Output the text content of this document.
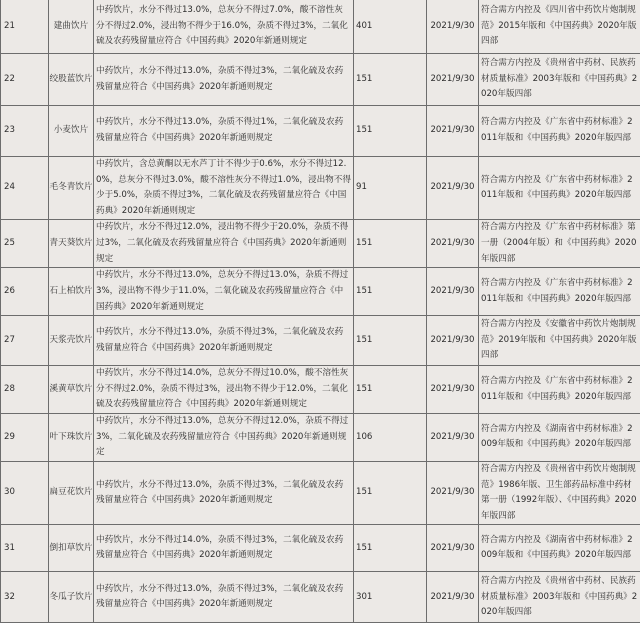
21	建曲饮片	中药饮片，水分不得过13.0%，总灰分不得过7.0%，酸不溶性灰分不得过2.0%，浸出物不得少于16.0%，杂质不得过3%，二氧化硫及农药残留量应符合《中国药典》2020年新通则规定	401	2021/9/30	符合需方内控及《四川省中药饮片炮制规范》2015年版和《中国药典》2020年版四部
22	绞股蓝饮片	中药饮片，水分不得过13.0%，杂质不得过3%，二氧化硫及农药残留量应符合《中国药典》2020年新通则规定	151	2021/9/30	符合需方内控及《贵州省中药材、民族药材质量标准》2003年版和《中国药典》2020年版四部
23	小麦饮片	中药饮片，水分不得过13.0%，杂质不得过1%，二氧化硫及农药残留量应符合《中国药典》2020年新通则规定	151	2021/9/30	符合需方内控及《广东省中药材标准》2011年版和《中国药典》2020年版四部
24	毛冬青饮片	中药饮片，含总黄酮以无水芦丁计不得少于0.6%，水分不得过12.0%，总灰分不得过3.0%，酸不溶性灰分不得过1.0%，浸出物不得少于5.0%，杂质不得过3%，二氧化硫及农药残留量应符合《中国药典》2020年新通则规定	91	2021/9/30	符合需方内控及《广东省中药材标准》2011年版和《中国药典》2020年版四部
25	青天葵饮片	中药饮片，水分不得过12.0%，浸出物不得少于20.0%，杂质不得过3%，二氧化硫及农药残留量应符合《中国药典》2020年新通则规定	151	2021/9/30	符合需方内控及《广东省中药材标准》第一册（2004年版）和《中国药典》2020年版四部
26	石上柏饮片	中药饮片，水分不得过13.0%，总灰分不得过13.0%，杂质不得过3%，浸出物不得少于11.0%，二氧化硫及农药残留量应符合《中国药典》2020年新通则规定	151	2021/9/30	符合需方内控及《广东省中药材标准》2011年版和《中国药典》2020年版四部
27	天浆壳饮片	中药饮片，水分不得过13.0%，杂质不得过3%，二氧化硫及农药残留量应符合《中国药典》2020年新通则规定	151	2021/9/30	符合需方内控及《安徽省中药饮片炮制规范》2019年版和《中国药典》2020年版四部
28	溪黄草饮片	中药饮片，水分不得过14.0%，总灰分不得过10.0%，酸不溶性灰分不得过2.0%，杂质不得过3%，浸出物不得少于12.0%，二氧化硫及农药残留量应符合《中国药典》2020年新通则规定	151	2021/9/30	符合需方内控及《广东省中药材标准》2011年版和《中国药典》2020年版四部
29	叶下珠饮片	中药饮片，水分不得过13.0%，总灰分不得过12.0%，杂质不得过3%，二氧化硫及农药残留量应符合《中国药典》2020年新通则规定	106	2021/9/30	符合需方内控及《湖南省中药材标准》2009年版和《中国药典》2020年版四部
30	扁豆花饮片	中药饮片，水分不得过13.0%，杂质不得过3%，二氧化硫及农药残留量应符合《中国药典》2020年新通则规定	151	2021/9/30	符合需方内控及《贵州省中药饮片炮制规范》1986年版、卫生部药品标准中药材第一册（1992年版）、《中国药典》2020年版四部
31	倒扣草饮片	中药饮片，水分不得过14.0%，杂质不得过3%，二氧化硫及农药残留量应符合《中国药典》2020年新通则规定	151	2021/9/30	符合需方内控及《湖南省中药材标准》2009年版和《中国药典》2020年版四部
32	冬瓜子饮片	中药饮片，水分不得过13.0%，杂质不得过3%，二氧化硫及农药残留量应符合《中国药典》2020年新通则规定	301	2021/9/30	符合需方内控及《贵州省中药材、民族药材质量标准》2003年版和《中国药典》2020年版四部
